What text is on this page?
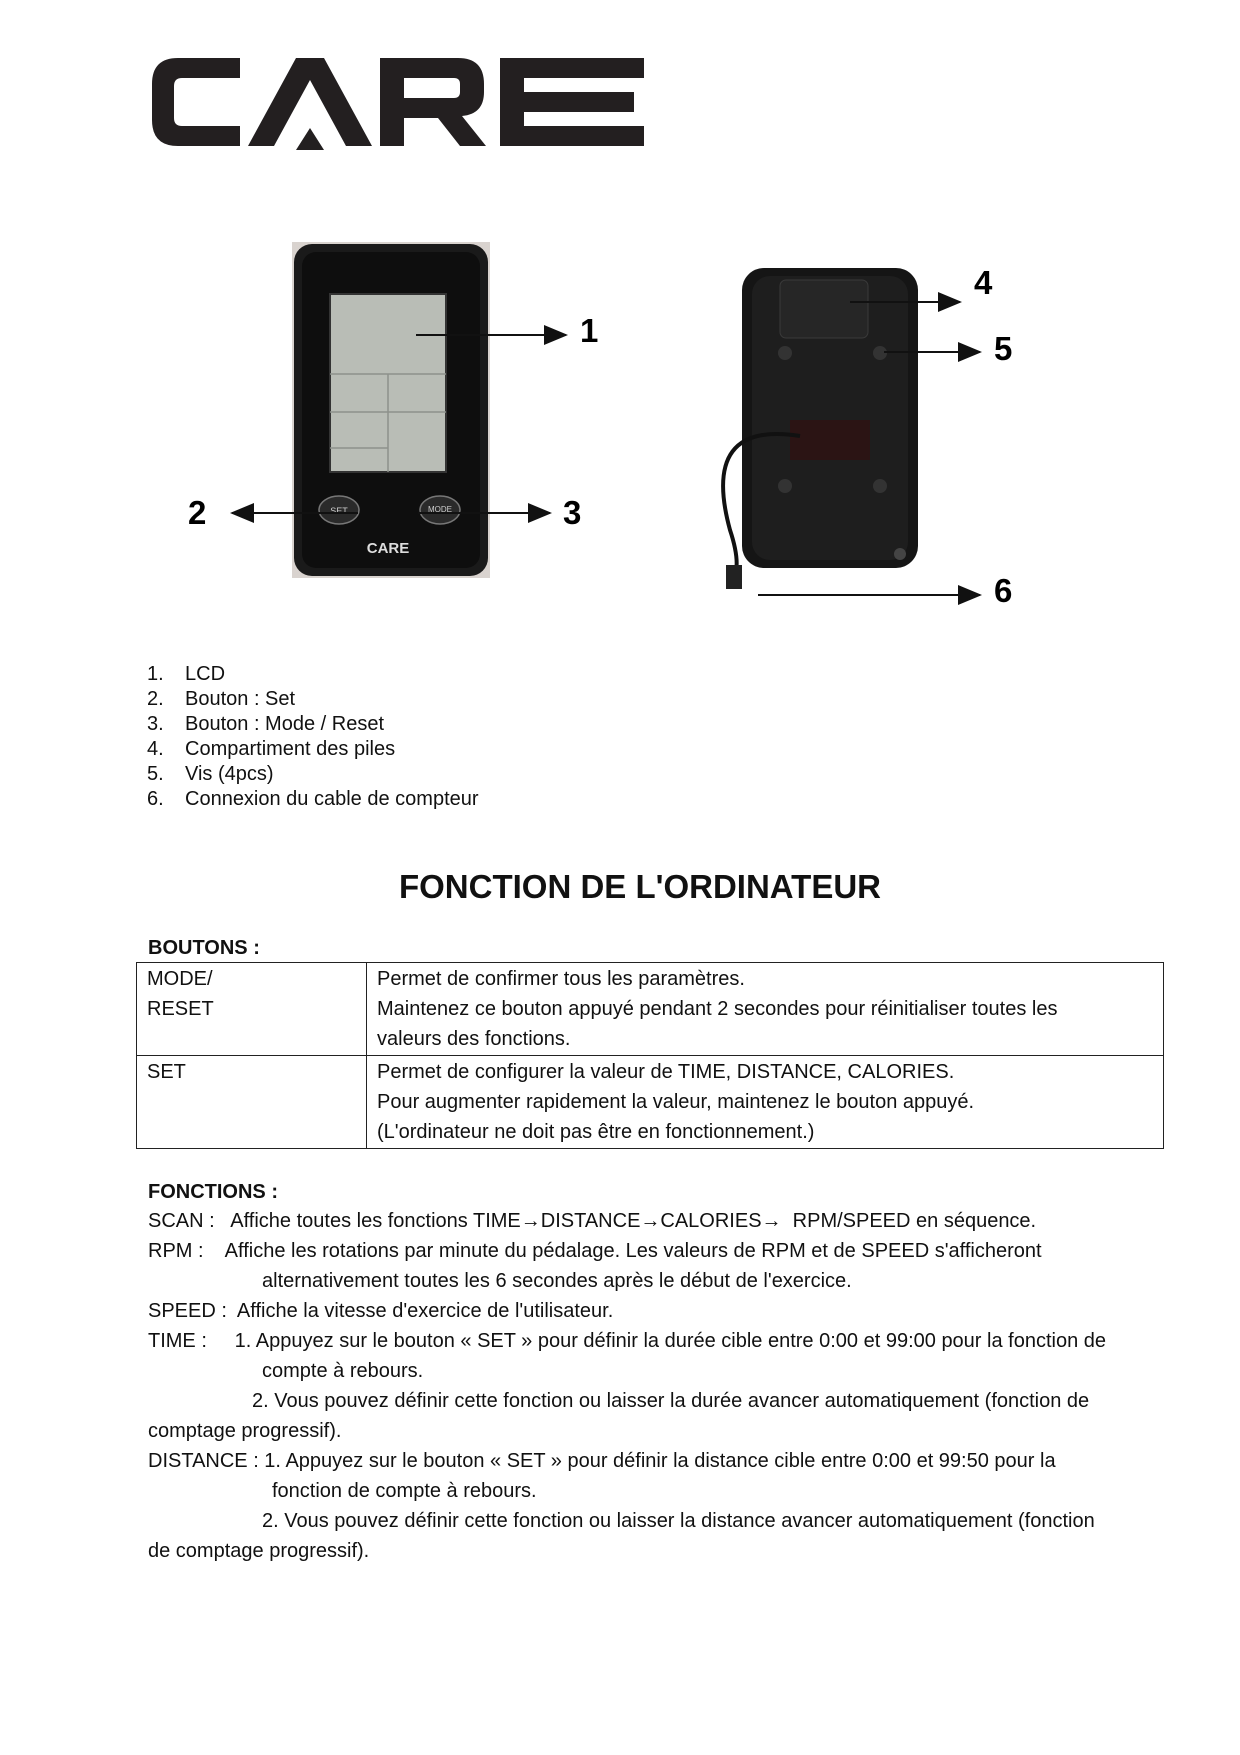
SET	MODE
CARE
1
2	3
4
5
6
1. LCD
2. Bouton : Set
3. Bouton : Mode / Reset
4. Compartiment des piles
5. Vis (4pcs)
6. Connexion du cable de compteur
FONCTION DE L'ORDINATEUR
BOUTONS :
MODE/
RESET	Permet de confirmer tous les paramètres.
Maintenez ce bouton appuyé pendant 2 secondes pour réinitialiser toutes les
valeurs des fonctions.

SET	Permet de configurer la valeur de TIME, DISTANCE, CALORIES.
Pour augmenter rapidement la valeur, maintenez le bouton appuyé.
(L'ordinateur ne doit pas être en fonctionnement.)
FONCTIONS :
SCAN :   Affiche toutes les fonctions TIME→DISTANCE→CALORIES→  RPM/SPEED en séquence.
RPM :    Affiche les rotations par minute du pédalage. Les valeurs de RPM et de SPEED s'afficheront
alternativement toutes les 6 secondes après le début de l'exercice.
SPEED :  Affiche la vitesse d'exercice de l'utilisateur.
TIME :     1. Appuyez sur le bouton « SET » pour définir la durée cible entre 0:00 et 99:00 pour la fonction de
compte à rebours.
2. Vous pouvez définir cette fonction ou laisser la durée avancer automatiquement (fonction de
comptage progressif).
DISTANCE : 1. Appuyez sur le bouton « SET » pour définir la distance cible entre 0:00 et 99:50 pour la
fonction de compte à rebours.
2. Vous pouvez définir cette fonction ou laisser la distance avancer automatiquement (fonction
de comptage progressif).
